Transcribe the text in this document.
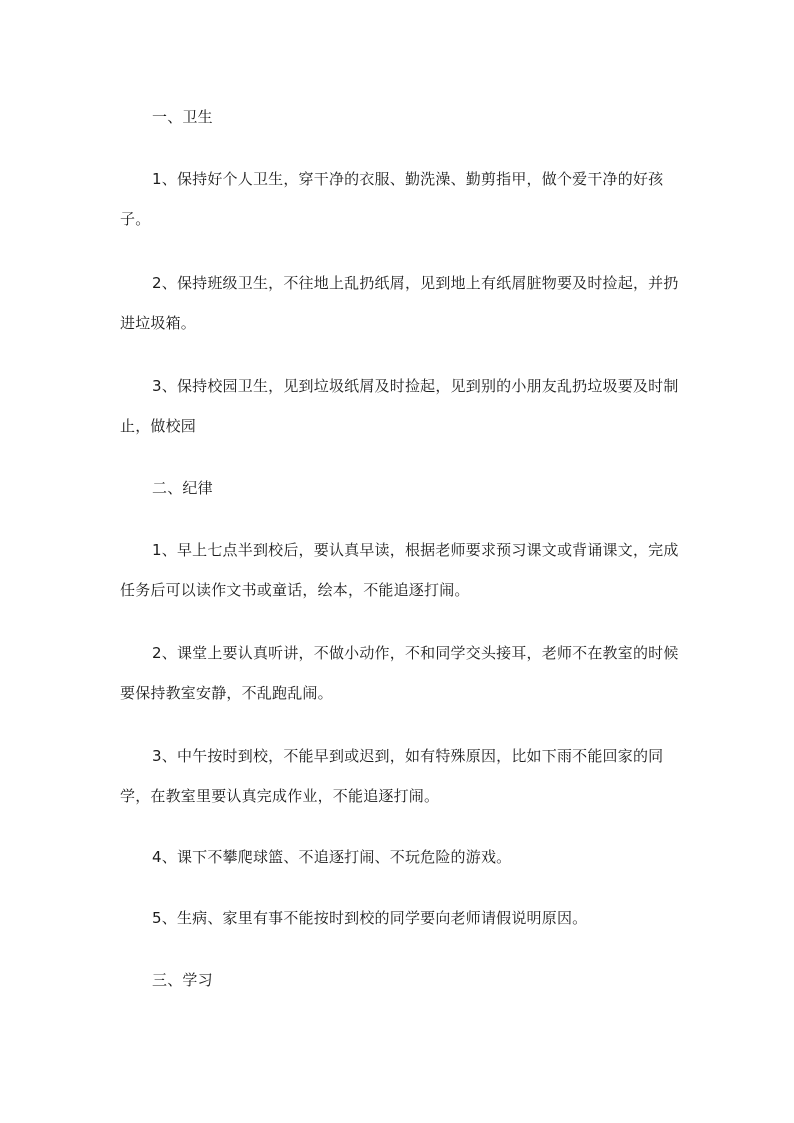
一、卫生

1、保持好个人卫生，穿干净的衣服、勤洗澡、勤剪指甲，做个爱干净的好孩子。

2、保持班级卫生，不往地上乱扔纸屑，见到地上有纸屑脏物要及时捡起，并扔进垃圾箱。

3、保持校园卫生，见到垃圾纸屑及时捡起，见到别的小朋友乱扔垃圾要及时制止，做校园

二、纪律

1、早上七点半到校后，要认真早读，根据老师要求预习课文或背诵课文，完成任务后可以读作文书或童话，绘本，不能追逐打闹。

2、课堂上要认真听讲，不做小动作，不和同学交头接耳，老师不在教室的时候要保持教室安静，不乱跑乱闹。

3、中午按时到校，不能早到或迟到，如有特殊原因，比如下雨不能回家的同学，在教室里要认真完成作业，不能追逐打闹。

4、课下不攀爬球篮、不追逐打闹、不玩危险的游戏。

5、生病、家里有事不能按时到校的同学要向老师请假说明原因。

三、学习
